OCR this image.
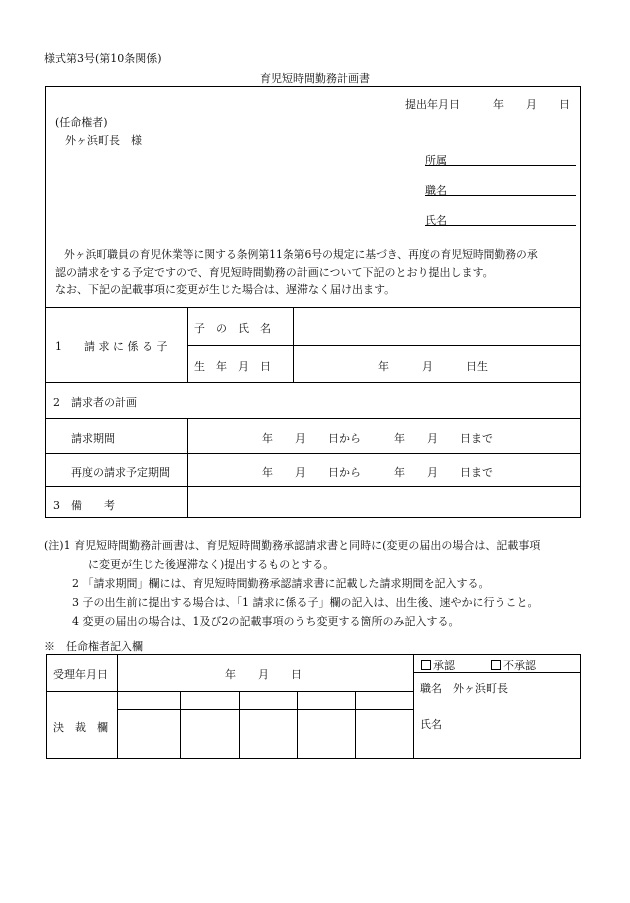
様式第3号(第10条関係)
育児短時間勤務計画書
提出年月日　　　年　　月　　日
(任命権者)
外ヶ浜町長　様
所属
職名
氏名
外ヶ浜町職員の育児休業等に関する条例第11条第6号の規定に基づき、再度の育児短時間勤務の承
認の請求をする予定ですので、育児短時間勤務の計画について下記のとおり提出します。
なお、下記の記載事項に変更が生じた場合は、遅滞なく届け出ます。
1　　請 求 に 係 る 子
子　の　氏　名
生　年　月　日	年　　　月　　　日生
2　請求者の計画
請求期間	年　　月　　日から　　　年　　月　　日まで
再度の請求予定期間	年　　月　　日から　　　年　　月　　日まで
3　備　　考
(注)1 育児短時間勤務計画書は、育児短時間勤務承認請求書と同時に(変更の届出の場合は、記載事項
に変更が生じた後遅滞なく)提出するものとする。
2 「請求期間」欄には、育児短時間勤務承認請求書に記載した請求期間を記入する。
3 子の出生前に提出する場合は、「1 請求に係る子」欄の記入は、出生後、速やかに行うこと。
4 変更の届出の場合は、1及び2の記載事項のうち変更する箇所のみ記入する。
※　任命権者記入欄
受理年月日	年　　月　　日
決　裁　欄
承認	不承認
職名　外ヶ浜町長
氏名
